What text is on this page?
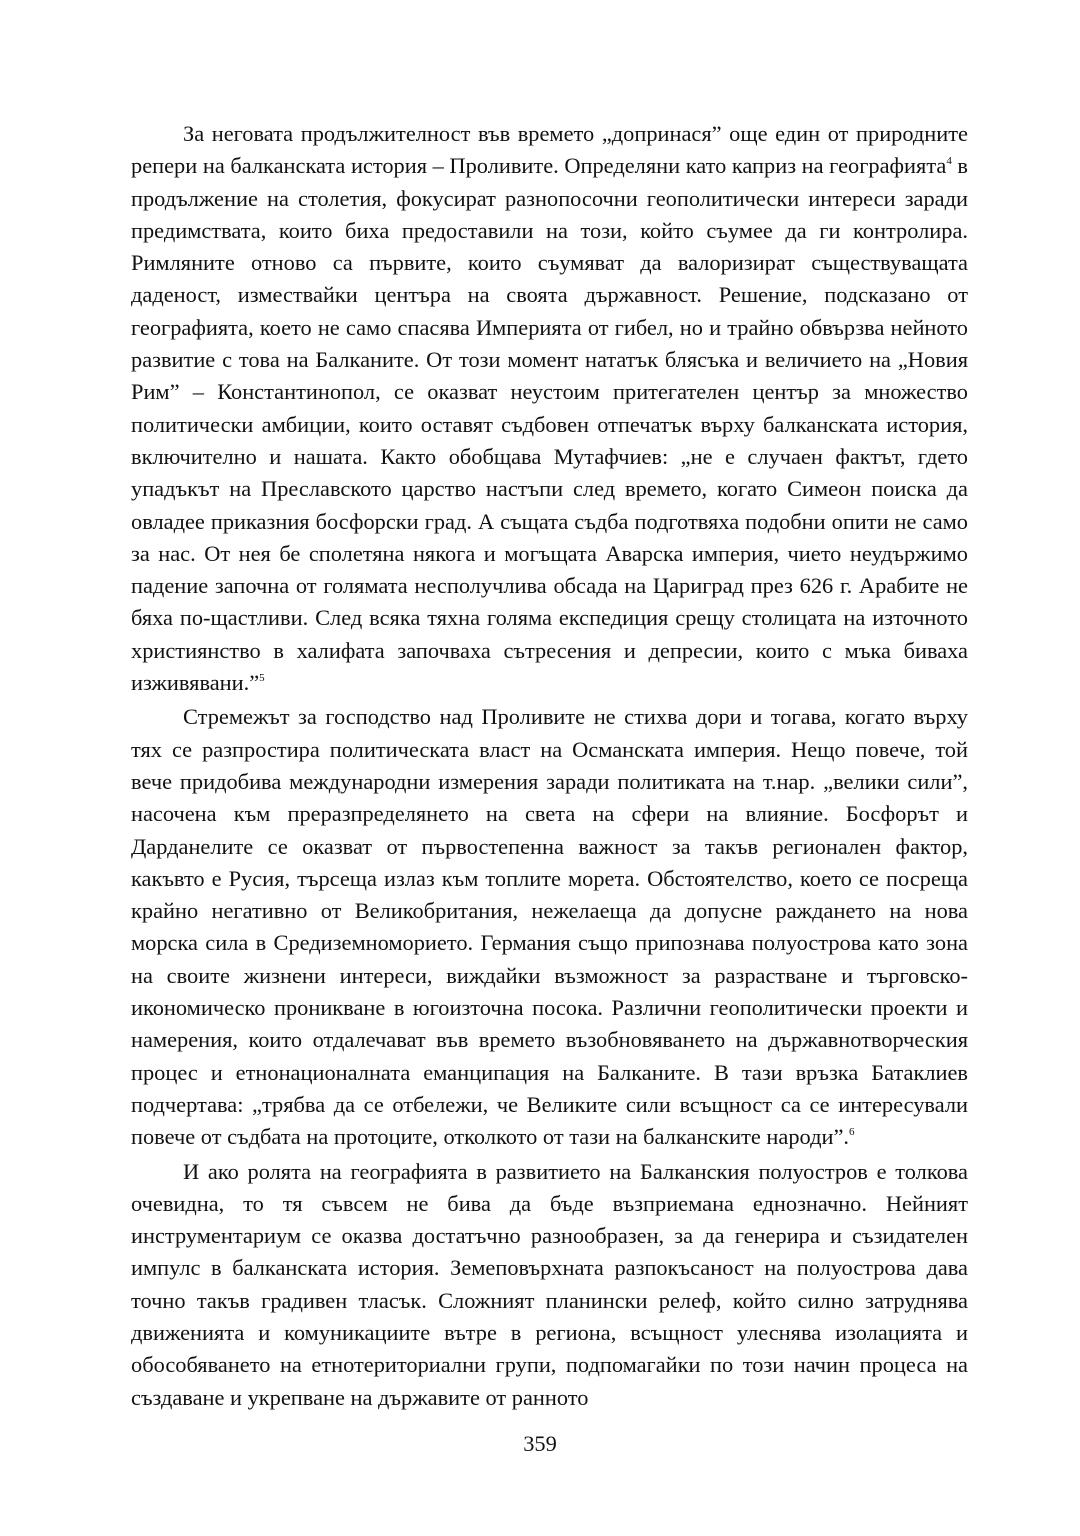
За неговата продължителност във времето „допринася” още един от природните репери на балканската история – Проливите. Определяни като каприз на географията$^4$ в продължение на столетия, фокусират разнопосочни геополитически интереси заради предимствата, които биха предоставили на този, който съумее да ги контролира. Римляните отново са първите, които съумяват да валоризират съществуващата даденост, измествайки центъра на своята държавност. Решение, подсказано от географията, което не само спасява Империята от гибел, но и трайно обвързва нейното развитие с това на Балканите. От този момент нататък блясъка и величието на „Новия Рим” – Константинопол, се оказват неустоим притегателен център за множество политически амбиции, които оставят съдбовен отпечатък върху балканската история, включително и нашата. Както обобщава Мутафчиев: „не е случаен фактът, гдето упадъкът на Преславското царство настъпи след времето, когато Симеон поиска да овладее приказния босфорски град. А същата съдба подготвяха подобни опити не само за нас. От нея бе сполетяна някога и могъщата Аварска империя, чието неудържимо падение започна от голямата несполучлива обсада на Цариград през 626 г. Арабите не бяха по-щастливи. След всяка тяхна голяма експедиция срещу столицата на източното християнство в халифата започваха сътресения и депресии, които с мъка биваха изживявани.”$^5$

Стремежът за господство над Проливите не стихва дори и тогава, когато върху тях се разпростира политическата власт на Османската империя. Нещо повече, той вече придобива международни измерения заради политиката на т.нар. „велики сили”, насочена към преразпределянето на света на сфери на влияние. Босфорът и Дарданелите се оказват от първостепенна важност за такъв регионален фактор, какъвто е Русия, търсеща излаз към топлите морета. Обстоятелство, което се посреща крайно негативно от Великобритания, нежелаеща да допусне раждането на нова морска сила в Средиземноморието. Германия също припознава полуострова като зона на своите жизнени интереси, виждайки възможност за разрастване и търговско-икономическо проникване в югоизточна посока. Различни геополитически проекти и намерения, които отдалечават във времето възобновяването на държавнотворческия процес и етнонационалната еманципация на Балканите. В тази връзка Батаклиев подчертава: „трябва да се отбележи, че Великите сили всъщност са се интересували повече от съдбата на протоците, отколкото от тази на балканските народи”.$^6$

И ако ролята на географията в развитието на Балканския полуостров е толкова очевидна, то тя съвсем не бива да бъде възприемана еднозначно. Нейният инструментариум се оказва достатъчно разнообразен, за да генерира и съзидателен импулс в балканската история. Земеповърхната разпокъсаност на полуострова дава точно такъв градивен тласък. Сложният планински релеф, който силно затруднява движенията и комуникациите вътре в региона, всъщност улеснява изолацията и обособяването на етнотериториални групи, подпомагайки по този начин процеса на създаване и укрепване на държавите от ранното

359
